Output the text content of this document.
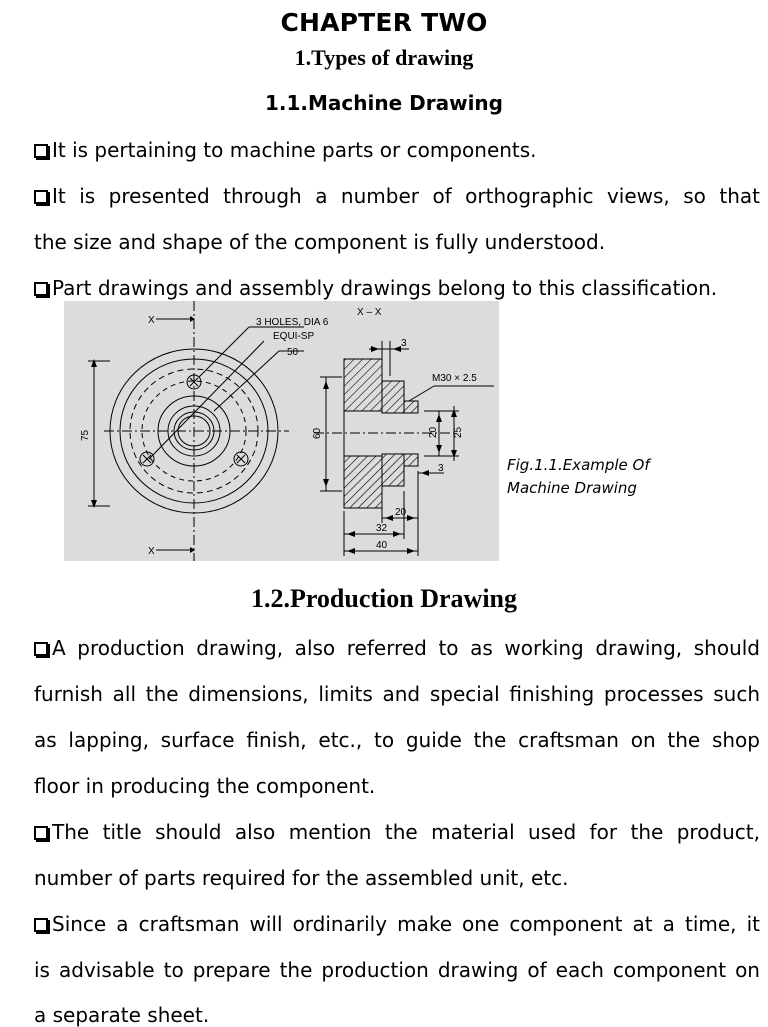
CHAPTER TWO
1.Types of drawing
1.1.Machine Drawing
It is pertaining to machine parts or components.
It is presented through a number of orthographic views, so that
the size and shape of the component is fully understood.
Part drawings and assembly drawings belong to this classification.
X
X
X – X
3 HOLES, DIA 6
EQUI-SP
50
75	60
M30 × 2.5
3
3
20 25
20
32
40
Fig.1.1.Example Of
Machine Drawing
1.2.Production Drawing
A production drawing, also referred to as working drawing, should
furnish all the dimensions, limits and special finishing processes such
as lapping, surface finish, etc., to guide the craftsman on the shop
floor in producing the component.
The title should also mention the material used for the product,
number of parts required for the assembled unit, etc.
Since a craftsman will ordinarily make one component at a time, it
is advisable to prepare the production drawing of each component on
a separate sheet.
